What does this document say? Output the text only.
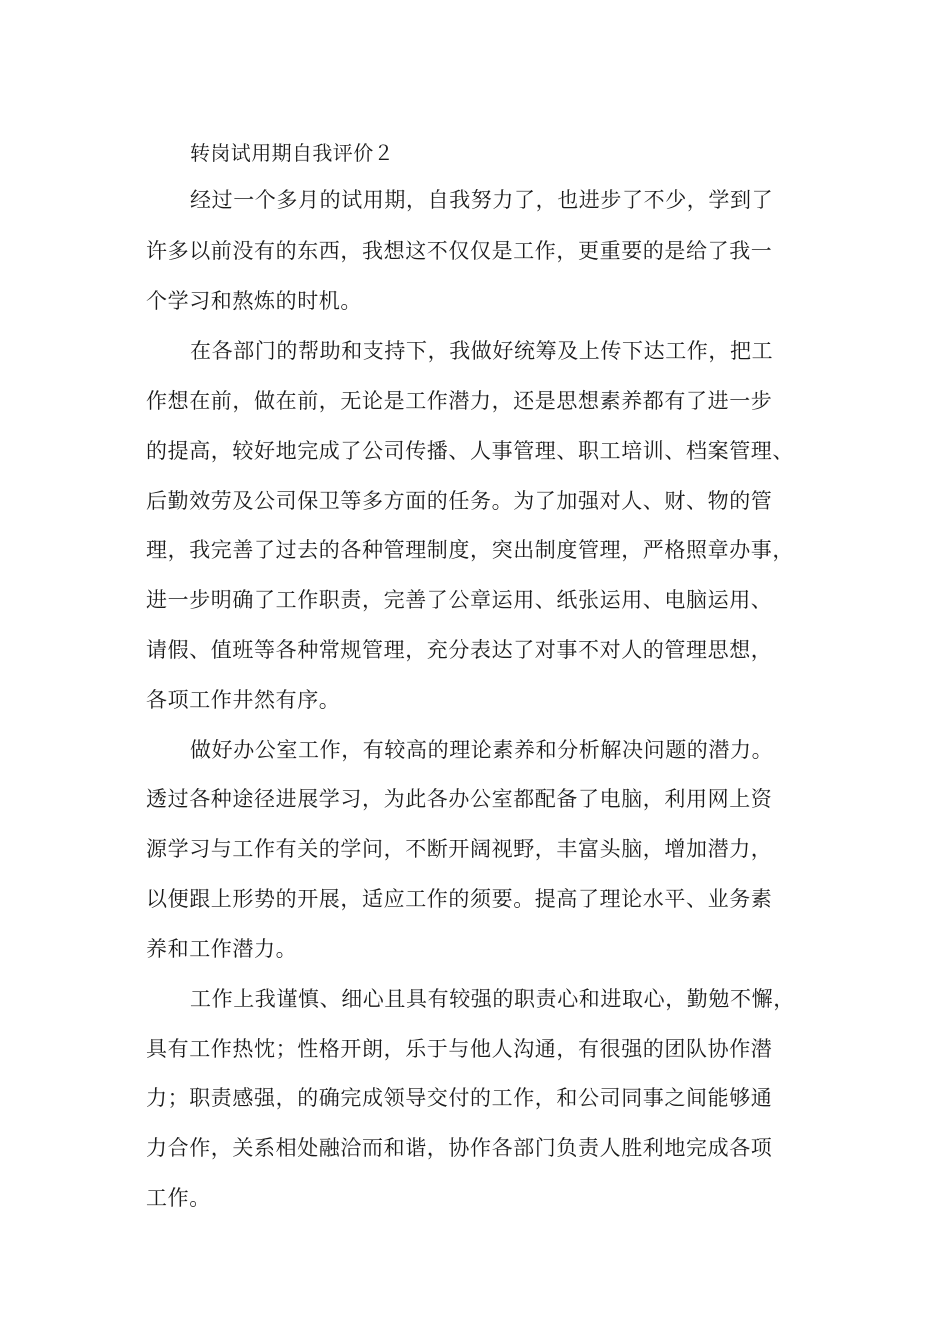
转岗试用期自我评价２
经过一个多月的试用期，自我努力了，也进步了不少，学到了
许多以前没有的东西，我想这不仅仅是工作，更重要的是给了我一
个学习和熬炼的时机。
在各部门的帮助和支持下，我做好统筹及上传下达工作，把工
作想在前，做在前，无论是工作潜力，还是思想素养都有了进一步
的提高，较好地完成了公司传播、人事管理、职工培训、档案管理、
后勤效劳及公司保卫等多方面的任务。为了加强对人、财、物的管
理，我完善了过去的各种管理制度，突出制度管理，严格照章办事，
进一步明确了工作职责，完善了公章运用、纸张运用、电脑运用、
请假、值班等各种常规管理，充分表达了对事不对人的管理思想，
各项工作井然有序。
做好办公室工作，有较高的理论素养和分析解决问题的潜力。
透过各种途径进展学习，为此各办公室都配备了电脑，利用网上资
源学习与工作有关的学问，不断开阔视野，丰富头脑，增加潜力，
以便跟上形势的开展，适应工作的须要。提高了理论水平、业务素
养和工作潜力。
工作上我谨慎、细心且具有较强的职责心和进取心，勤勉不懈，
具有工作热忱；性格开朗，乐于与他人沟通，有很强的团队协作潜
力；职责感强，的确完成领导交付的工作，和公司同事之间能够通
力合作，关系相处融洽而和谐，协作各部门负责人胜利地完成各项
工作。
